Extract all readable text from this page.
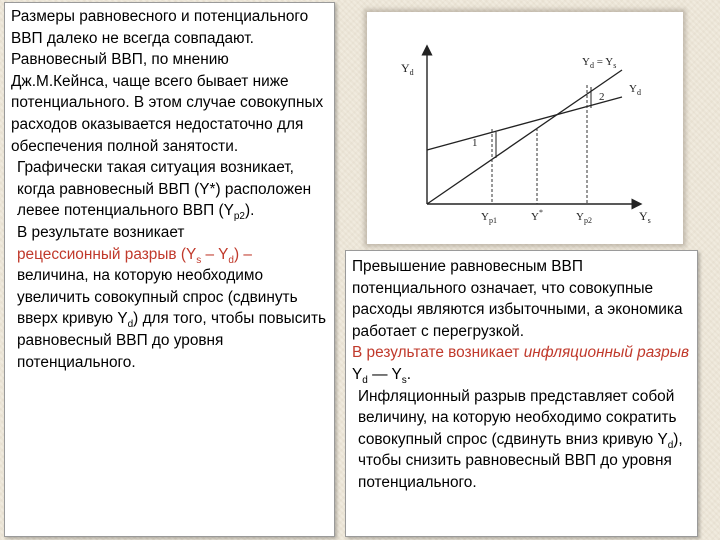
Размеры равновесного и потенциального ВВП далеко не всегда совпадают. Равновесный ВВП, по мнению Дж.М.Кейнса, чаще всего бывает ниже потенциального. В этом случае совокупных расходов оказывается недостаточно для обеспечения полной занятости.

Графически такая ситуация возникает, когда равновесный ВВП (Y*) расположен левее потенциального ВВП $(Y_{р2})$.

В результате возникает
рецессионный разрыв $(Y_s - Y_d)$ –
величина, на которую необходимо увеличить совокупный спрос (сдвинуть вверх кривую $Y_d$) для того, чтобы повысить равновесный ВВП до уровня потенциального.

$Y_d$
$Y_s$
$Y_d = Y_s$
$Y_d$
1
2
$Y_{p1}$	Y*	$Y_{p2}$

Превышение равновесным ВВП потенциального означает, что совокупные расходы являются избыточными, а экономика работает с перегрузкой.

В результате возникает инфляционный разрыв $Y_d$ — $Y_s$.

Инфляционный разрыв представляет собой величину, на которую необходимо сократить совокупный спрос (сдвинуть вниз кривую $Y_d$), чтобы снизить равновесный ВВП до уровня потенциального.
